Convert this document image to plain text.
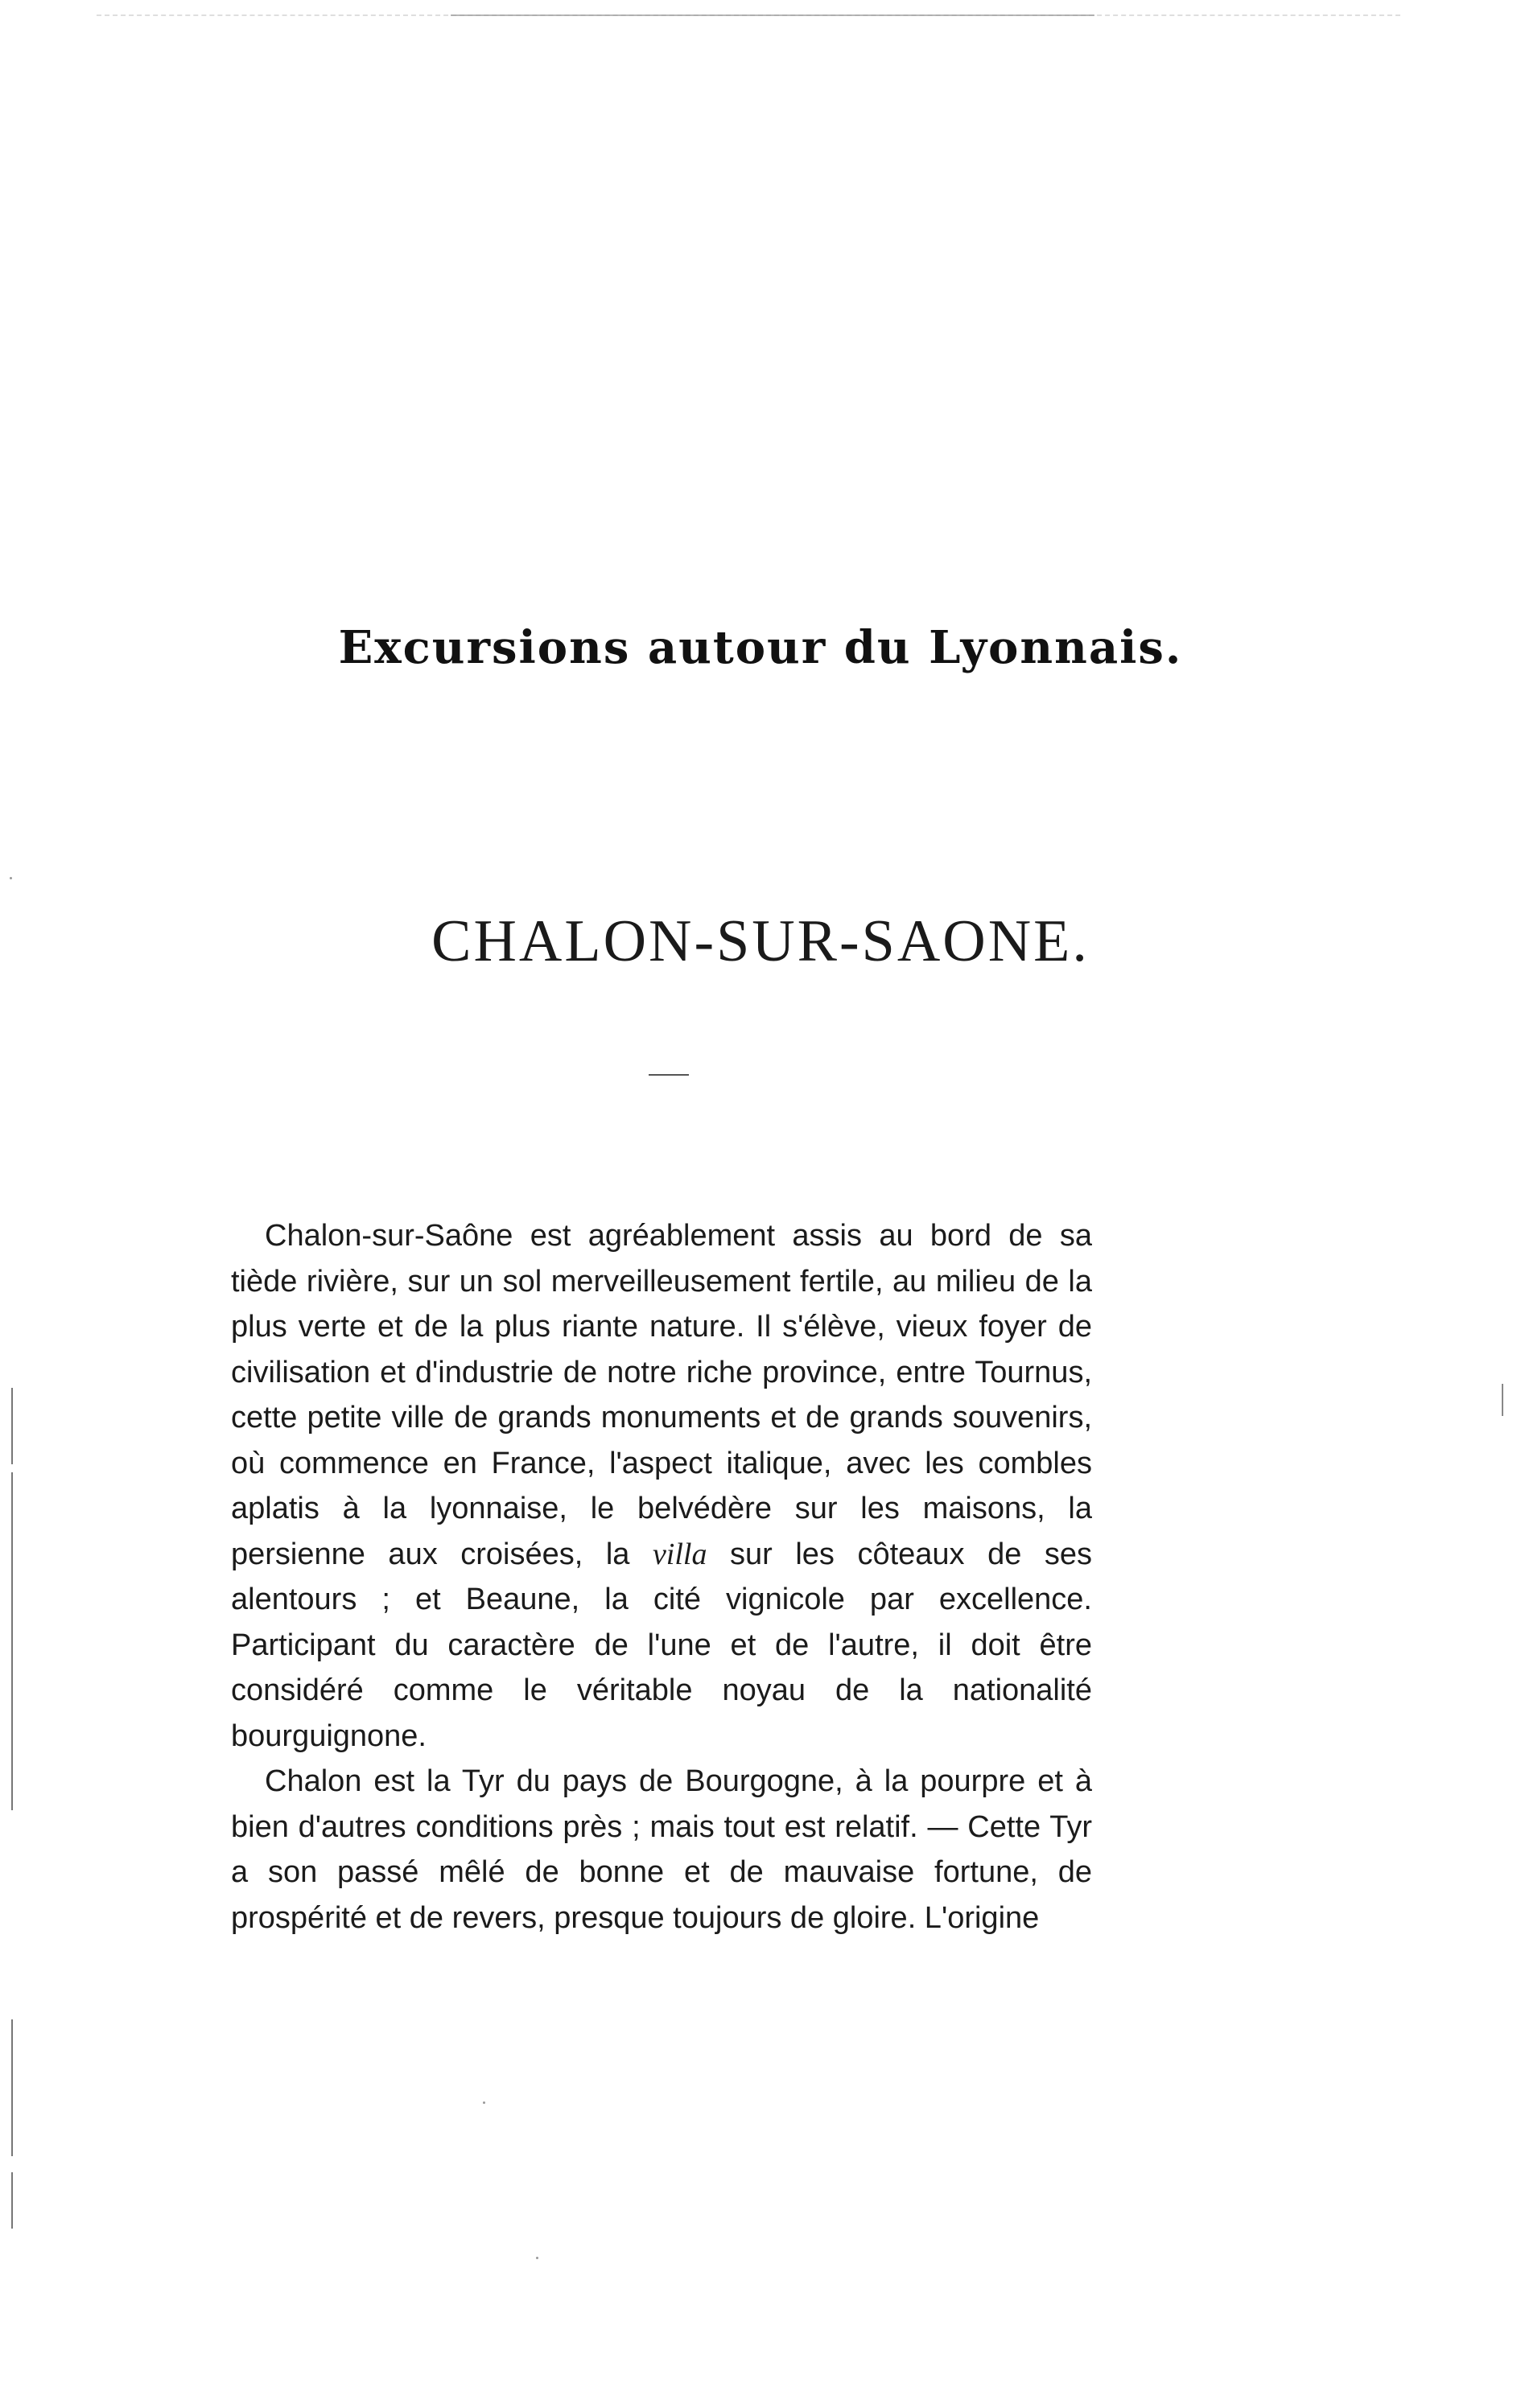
Excursions autour du Lyonnais.
CHALON-SUR-SAONE.

Chalon-sur-Saône est agréablement assis au bord de sa tiède rivière, sur un sol merveilleusement fertile, au milieu de la plus verte et de la plus riante nature. Il s'élève, vieux foyer de civilisation et d'industrie de notre riche province, entre Tournus, cette petite ville de grands monuments et de grands souvenirs, où commence en France, l'aspect italique, avec les combles aplatis à la lyonnaise, le belvédère sur les maisons, la persienne aux croisées, la villa sur les côteaux de ses alentours ; et Beaune, la cité vignicole par excellence. Participant du caractère de l'une et de l'autre, il doit être considéré comme le véritable noyau de la nationalité bourguignone.

Chalon est la Tyr du pays de Bourgogne, à la pourpre et à bien d'autres conditions près ; mais tout est relatif. — Cette Tyr a son passé mêlé de bonne et de mauvaise fortune, de prospérité et de revers, presque toujours de gloire. L'origine
